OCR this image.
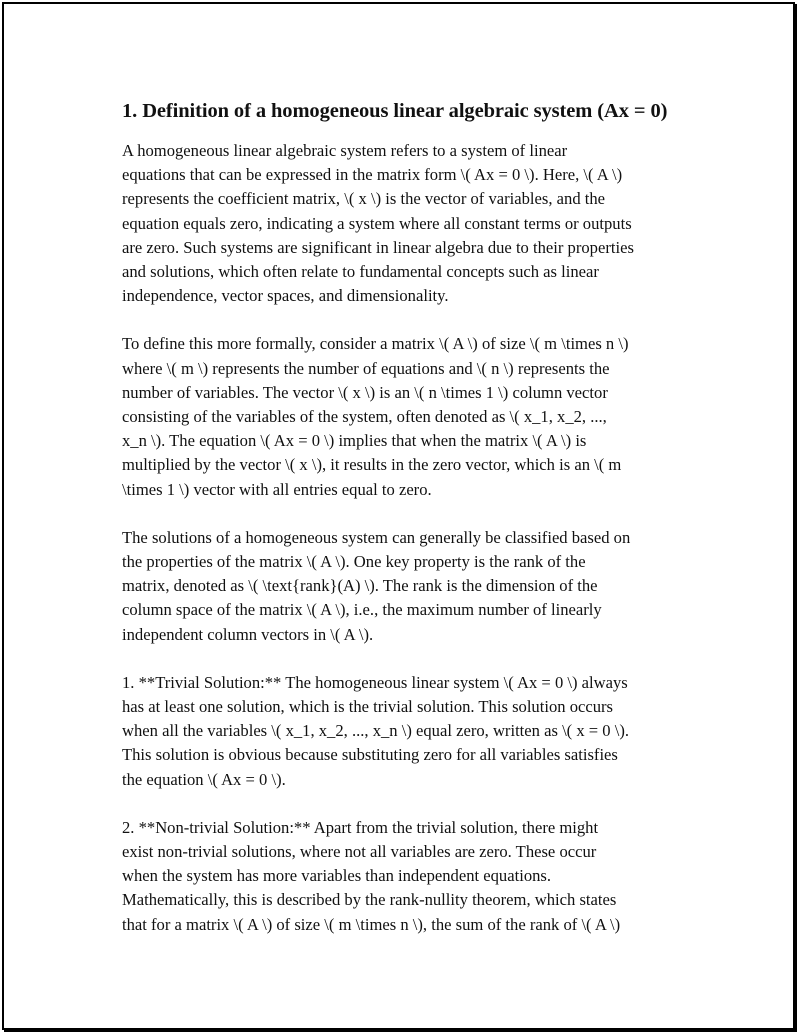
1. Definition of a homogeneous linear algebraic system (Ax = 0)

A homogeneous linear algebraic system refers to a system of linear
equations that can be expressed in the matrix form \( Ax = 0 \). Here, \( A \)
represents the coefficient matrix, \( x \) is the vector of variables, and the
equation equals zero, indicating a system where all constant terms or outputs
are zero. Such systems are significant in linear algebra due to their properties
and solutions, which often relate to fundamental concepts such as linear
independence, vector spaces, and dimensionality.

To define this more formally, consider a matrix \( A \) of size \( m \times n \)
where \( m \) represents the number of equations and \( n \) represents the
number of variables. The vector \( x \) is an \( n \times 1 \) column vector
consisting of the variables of the system, often denoted as \( x_1, x_2, ...,
x_n \). The equation \( Ax = 0 \) implies that when the matrix \( A \) is
multiplied by the vector \( x \), it results in the zero vector, which is an \( m
\times 1 \) vector with all entries equal to zero.

The solutions of a homogeneous system can generally be classified based on
the properties of the matrix \( A \). One key property is the rank of the
matrix, denoted as \( \text{rank}(A) \). The rank is the dimension of the
column space of the matrix \( A \), i.e., the maximum number of linearly
independent column vectors in \( A \).

1. **Trivial Solution:** The homogeneous linear system \( Ax = 0 \) always
has at least one solution, which is the trivial solution. This solution occurs
when all the variables \( x_1, x_2, ..., x_n \) equal zero, written as \( x = 0 \).
This solution is obvious because substituting zero for all variables satisfies
the equation \( Ax = 0 \).

2. **Non-trivial Solution:** Apart from the trivial solution, there might
exist non-trivial solutions, where not all variables are zero. These occur
when the system has more variables than independent equations.
Mathematically, this is described by the rank-nullity theorem, which states
that for a matrix \( A \) of size \( m \times n \), the sum of the rank of \( A \)
